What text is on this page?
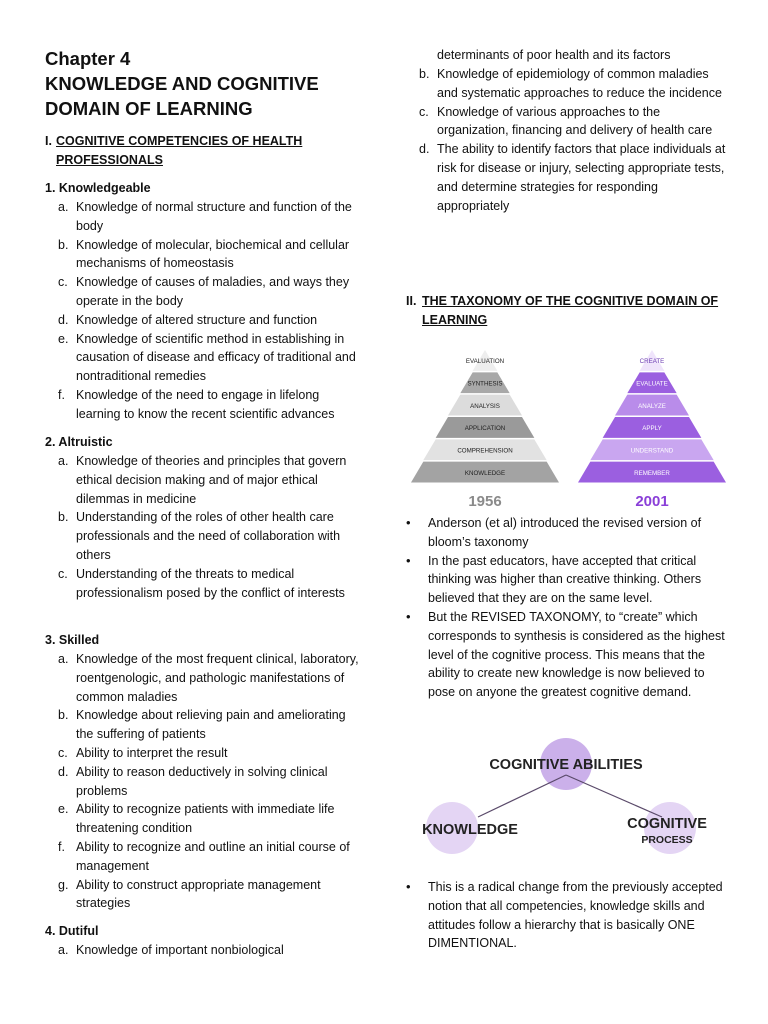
Chapter 4
KNOWLEDGE AND COGNITIVE
DOMAIN OF LEARNING
I. COGNITIVE COMPETENCIES OF HEALTH
PROFESSIONALS
1. Knowledgeable
a. Knowledge of normal structure and function of the body
b. Knowledge of molecular, biochemical and cellular mechanisms of homeostasis
c. Knowledge of causes of maladies, and ways they operate in the body
d. Knowledge of altered structure and function
e. Knowledge of scientific method in establishing in causation of disease and efficacy of traditional and nontraditional remedies
f. Knowledge of the need to engage in lifelong learning to know the recent scientific advances
2. Altruistic
a. Knowledge of theories and principles that govern ethical decision making and of major ethical dilemmas in medicine
b. Understanding of the roles of other health care professionals and the need of collaboration with others
c. Understanding of the threats to medical professionalism posed by the conflict of interests
3. Skilled
a. Knowledge of the most frequent clinical, laboratory, roentgenologic, and pathologic manifestations of common maladies
b. Knowledge about relieving pain and ameliorating the suffering of patients
c. Ability to interpret the result
d. Ability to reason deductively in solving clinical problems
e. Ability to recognize patients with immediate life threatening condition
f. Ability to recognize and outline an initial course of management
g. Ability to construct appropriate management strategies
4. Dutiful
a. Knowledge of important nonbiological
determinants of poor health and its factors
b. Knowledge of epidemiology of common maladies and systematic approaches to reduce the incidence
c. Knowledge of various approaches to the organization, financing and delivery of health care
d. The ability to identify factors that place individuals at risk for disease or injury, selecting appropriate tests, and determine strategies for responding appropriately
II. THE TAXONOMY OF THE COGNITIVE DOMAIN OF
LEARNING
EVALUATION
SYNTHESIS
ANALYSIS
APPLICATION
COMPREHENSION
KNOWLEDGE
CREATE
EVALUATE
ANALYZE
APPLY
UNDERSTAND
REMEMBER
1956	2001
• Anderson (et al) introduced the revised version of bloom’s taxonomy
• In the past educators, have accepted that critical thinking was higher than creative thinking. Others believed that they are on the same level.
• But the REVISED TAXONOMY, to “create” which corresponds to synthesis is considered as the highest level of the cognitive process. This means that the ability to create new knowledge is now believed to pose on anyone the greatest cognitive demand.
COGNITIVE ABILITIES
KNOWLEDGE	COGNITIVE
PROCESS
• This is a radical change from the previously accepted notion that all competencies, knowledge skills and attitudes follow a hierarchy that is basically ONE DIMENTIONAL.
